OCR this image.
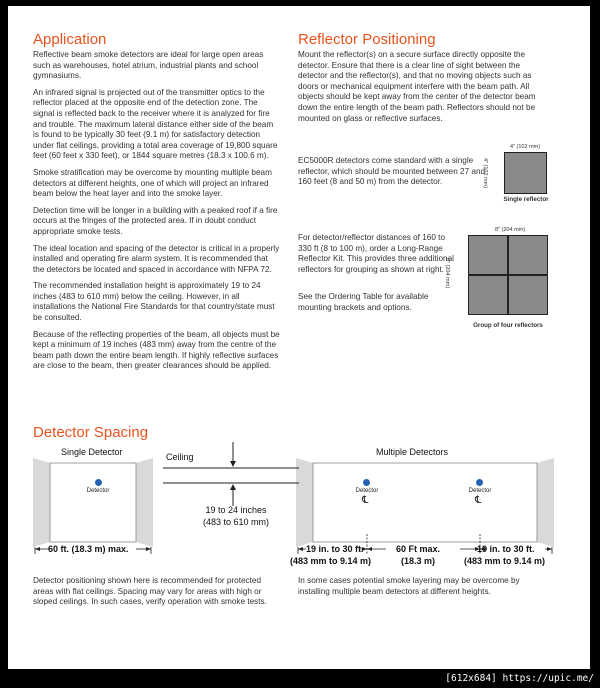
Application

Reflective beam smoke detectors are ideal for large open areas such as warehouses, hotel atrium, industrial plants and school gymnasiums.

An infrared signal is projected out of the transmitter optics to the reflector placed at the opposite end of the detection zone. The signal is reflected back to the receiver where it is analyzed for fire and trouble. The maximum lateral distance either side of the beam is found to be typically 30 feet (9.1 m) for satisfactory detection under flat ceilings, providing a total area coverage of 19,800 square feet (60 feet x 330 feet), or 1844 square metres (18.3 x 100.6 m).

Smoke stratification may be overcome by mounting multiple beam detectors at different heights, one of which will project an infrared beam below the heat layer and into the smoke layer.

Detection time will be longer in a building with a peaked roof if a fire occurs at the fringes of the protected area. If in doubt conduct appropriate smoke tests.

The ideal location and spacing of the detector is critical in a properly installed and operating fire alarm system. It is recommended that the detectors be located and spaced in accordance with NFPA 72.

The recommended installation height is approximately 19 to 24 inches (483 to 610 mm) below the ceiling. However, in all installations the National Fire Standards for that country/state must be consulted.

Because of the reflecting properties of the beam, all objects must be kept a minimum of 19 inches (483 mm) away from the centre of the beam path down the entire beam length. If highly reflective surfaces are close to the beam, then greater clearances should be applied.

Reflector Positioning
Mount the reflector(s) on a secure surface directly opposite the detector. Ensure that there is a clear line of sight between the detector and the reflector(s), and that no moving objects such as doors or mechanical equipment interfere with the beam path. All objects should be kept away from the center of the detector beam down the entire length of the beam path. Reflectors should not be mounted on glass or reflective surfaces.
EC5000R detectors come standard with a single reflector, which should be mounted between 27 and 160 feet (8 and 50 m) from the detector.
4" (102 mm)
4" (102 mm)
Single reflector
For detector/reflector distances of 160 to 330 ft (8 to 100 m), order a Long-Range Reflector Kit. This provides three additional reflectors for grouping as shown at right.
See the Ordering Table for available mounting brackets and options.
8" (204 mm)
8" (204 mm)
Group of four reflectors
Detector Spacing
Single Detector	Ceiling	Multiple Detectors
Detector	Detector
℄
Detector
℄
19 to 24 inches
(483 to 610 mm)
60 ft. (18.3 m) max.	19 in. to 30 ft.
(483 mm to 9.14 m)
60 Ft max.
(18.3 m)
19 in. to 30 ft.
(483 mm to 9.14 m)
Detector positioning shown here is recommended for protected areas with flat ceilings. Spacing may vary for areas with high or sloped ceilings. In such cases, verify operation with smoke tests.
In some cases potential smoke layering may be overcome by installing multiple beam detectors at different heights.
[612x684] https://upic.me/
